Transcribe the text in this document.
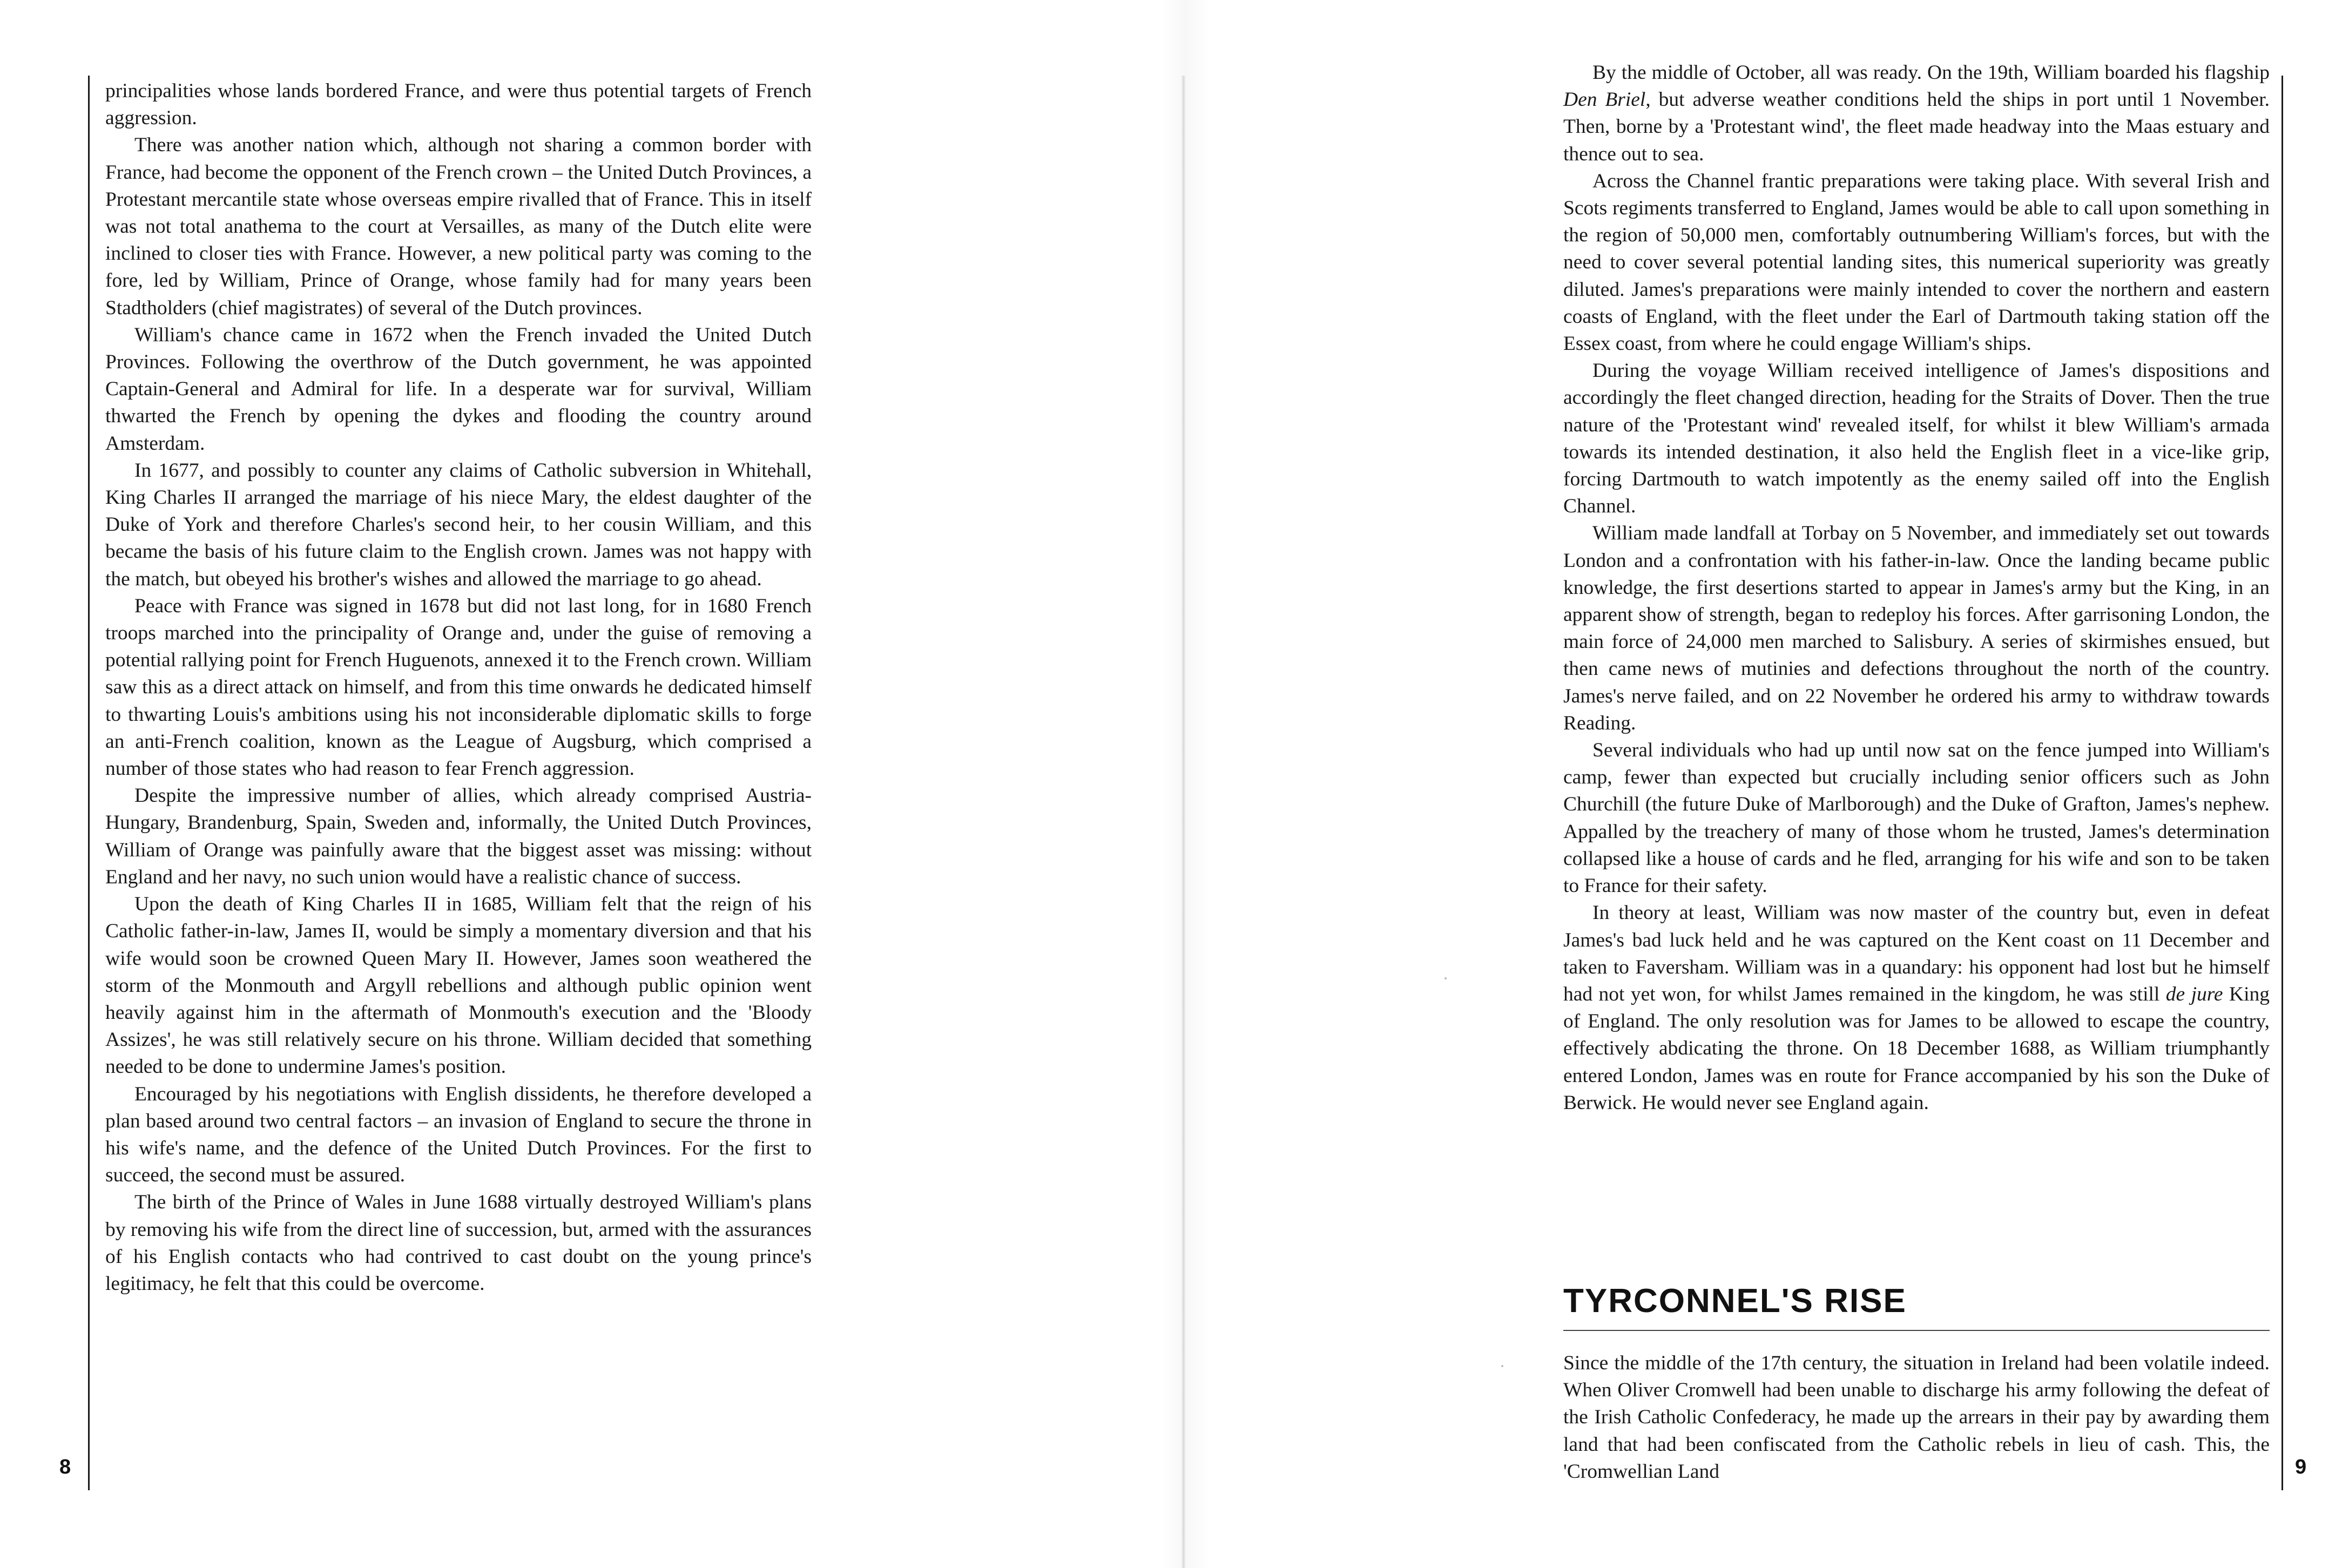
principalities whose lands bordered France, and were thus potential targets of French aggression.

There was another nation which, although not sharing a common border with France, had become the opponent of the French crown – the United Dutch Provinces, a Protestant mercantile state whose overseas empire rivalled that of France. This in itself was not total anathema to the court at Versailles, as many of the Dutch elite were inclined to closer ties with France. However, a new political party was coming to the fore, led by William, Prince of Orange, whose family had for many years been Stadtholders (chief magistrates) of several of the Dutch provinces.

William's chance came in 1672 when the French invaded the United Dutch Provinces. Following the overthrow of the Dutch government, he was appointed Captain-General and Admiral for life. In a desperate war for survival, William thwarted the French by opening the dykes and flooding the country around Amsterdam.

In 1677, and possibly to counter any claims of Catholic subversion in Whitehall, King Charles II arranged the marriage of his niece Mary, the eldest daughter of the Duke of York and therefore Charles's second heir, to her cousin William, and this became the basis of his future claim to the English crown. James was not happy with the match, but obeyed his brother's wishes and allowed the marriage to go ahead.

Peace with France was signed in 1678 but did not last long, for in 1680 French troops marched into the principality of Orange and, under the guise of removing a potential rallying point for French Huguenots, annexed it to the French crown. William saw this as a direct attack on himself, and from this time onwards he dedicated himself to thwarting Louis's ambitions using his not inconsiderable diplomatic skills to forge an anti-French coalition, known as the League of Augsburg, which comprised a number of those states who had reason to fear French aggression.

Despite the impressive number of allies, which already comprised Austria-Hungary, Brandenburg, Spain, Sweden and, informally, the United Dutch Provinces, William of Orange was painfully aware that the biggest asset was missing: without England and her navy, no such union would have a realistic chance of success.

Upon the death of King Charles II in 1685, William felt that the reign of his Catholic father-in-law, James II, would be simply a momentary diversion and that his wife would soon be crowned Queen Mary II. However, James soon weathered the storm of the Monmouth and Argyll rebellions and although public opinion went heavily against him in the aftermath of Monmouth's execution and the 'Bloody Assizes', he was still relatively secure on his throne. William decided that something needed to be done to undermine James's position.

Encouraged by his negotiations with English dissidents, he therefore developed a plan based around two central factors – an invasion of England to secure the throne in his wife's name, and the defence of the United Dutch Provinces. For the first to succeed, the second must be assured.

The birth of the Prince of Wales in June 1688 virtually destroyed William's plans by removing his wife from the direct line of succession, but, armed with the assurances of his English contacts who had contrived to cast doubt on the young prince's legitimacy, he felt that this could be overcome.

8

By the middle of October, all was ready. On the 19th, William boarded his flagship Den Briel, but adverse weather conditions held the ships in port until 1 November. Then, borne by a 'Protestant wind', the fleet made headway into the Maas estuary and thence out to sea.

Across the Channel frantic preparations were taking place. With several Irish and Scots regiments transferred to England, James would be able to call upon something in the region of 50,000 men, comfortably outnumbering William's forces, but with the need to cover several potential landing sites, this numerical superiority was greatly diluted. James's preparations were mainly intended to cover the northern and eastern coasts of England, with the fleet under the Earl of Dartmouth taking station off the Essex coast, from where he could engage William's ships.

During the voyage William received intelligence of James's dispositions and accordingly the fleet changed direction, heading for the Straits of Dover. Then the true nature of the 'Protestant wind' revealed itself, for whilst it blew William's armada towards its intended destination, it also held the English fleet in a vice-like grip, forcing Dartmouth to watch impotently as the enemy sailed off into the English Channel.

William made landfall at Torbay on 5 November, and immediately set out towards London and a confrontation with his father-in-law. Once the landing became public knowledge, the first desertions started to appear in James's army but the King, in an apparent show of strength, began to redeploy his forces. After garrisoning London, the main force of 24,000 men marched to Salisbury. A series of skirmishes ensued, but then came news of mutinies and defections throughout the north of the country. James's nerve failed, and on 22 November he ordered his army to withdraw towards Reading.

Several individuals who had up until now sat on the fence jumped into William's camp, fewer than expected but crucially including senior officers such as John Churchill (the future Duke of Marlborough) and the Duke of Grafton, James's nephew. Appalled by the treachery of many of those whom he trusted, James's determination collapsed like a house of cards and he fled, arranging for his wife and son to be taken to France for their safety.

In theory at least, William was now master of the country but, even in defeat James's bad luck held and he was captured on the Kent coast on 11 December and taken to Faversham. William was in a quandary: his opponent had lost but he himself had not yet won, for whilst James remained in the kingdom, he was still de jure King of England. The only resolution was for James to be allowed to escape the country, effectively abdicating the throne. On 18 December 1688, as William triumphantly entered London, James was en route for France accompanied by his son the Duke of Berwick. He would never see England again.

TYRCONNEL'S RISE

Since the middle of the 17th century, the situation in Ireland had been volatile indeed. When Oliver Cromwell had been unable to discharge his army following the defeat of the Irish Catholic Confederacy, he made up the arrears in their pay by awarding them land that had been confiscated from the Catholic rebels in lieu of cash. This, the 'Cromwellian Land	9
